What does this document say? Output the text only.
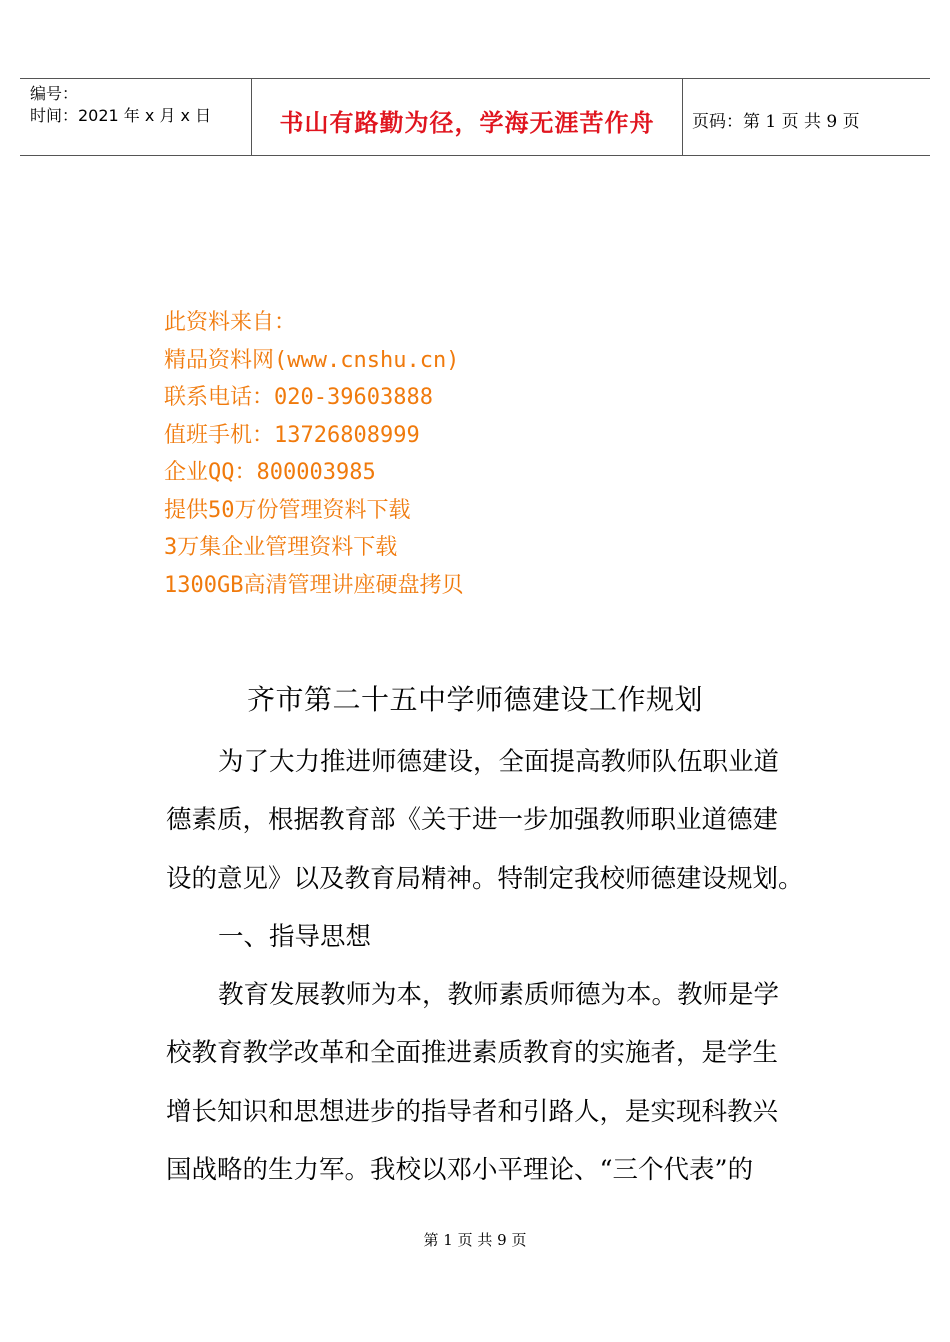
编号：
时间：2021 年 x 月 x 日	书山有路勤为径，学海无涯苦作舟	页码：第 1 页 共 9 页
此资料来自：
精品资料网(www.cnshu.cn)
联系电话：020-39603888
值班手机：13726808999
企业QQ：800003985
提供50万份管理资料下载
3万集企业管理资料下载
1300GB高清管理讲座硬盘拷贝
齐市第二十五中学师德建设工作规划
为了大力推进师德建设，全面提高教师队伍职业道
德素质，根据教育部《关于进一步加强教师职业道德建
设的意见》以及教育局精神。特制定我校师德建设规划。
一、指导思想
教育发展教师为本，教师素质师德为本。教师是学
校教育教学改革和全面推进素质教育的实施者，是学生
增长知识和思想进步的指导者和引路人，是实现科教兴
国战略的生力军。我校以邓小平理论、“三个代表”的
第 1 页 共 9 页
